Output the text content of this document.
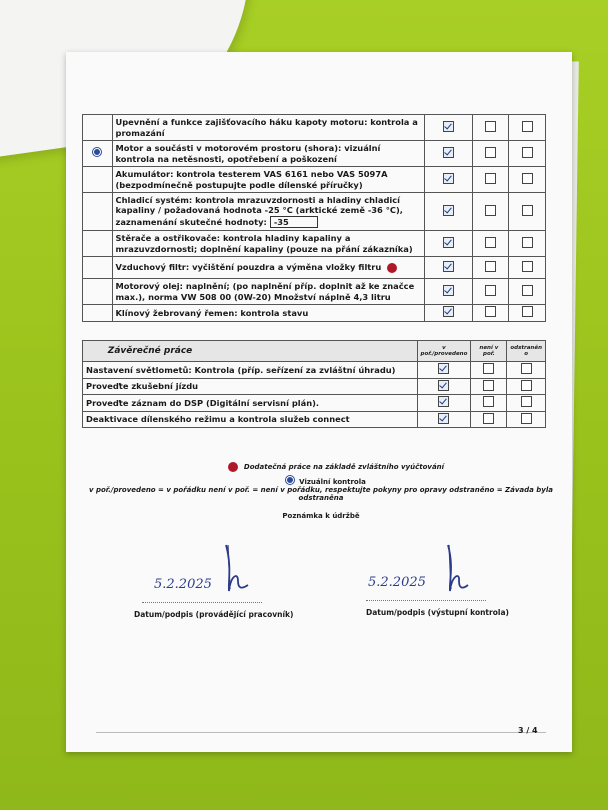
	Upevnění a funkce zajišťovacího háku kapoty motoru: kontrola a promazání			
	Motor a součásti v motorovém prostoru (shora): vizuální kontrola na netěsnosti, opotřebení a poškození			
	Akumulátor: kontrola testerem VAS 6161 nebo VAS 5097A (bezpodmínečně postupujte podle dílenské příručky)			
	Chladicí systém: kontrola mrazuvzdornosti a hladiny chladicí kapaliny / požadovaná hodnota -25 °C (arktické země -36 °C), zaznamenání skutečné hodnoty: -35			
	Stěrače a ostřikovače: kontrola hladiny kapaliny a mrazuvzdornosti; doplnění kapaliny (pouze na přání zákazníka)			
	Vzduchový filtr: vyčištění pouzdra a výměna vložky filtru			
	Motorový olej: naplnění; (po naplnění příp. doplnit až ke značce max.), norma VW 508 00 (0W-20) Množství náplně 4,3 litru			
	Klínový žebrovaný řemen: kontrola stavu			
	Závěrečné práce	v poř./provedeno	není v poř.	odstraněn o
Nastavení světlometů: Kontrola (příp. seřízení za zvláštní úhradu)				
Proveďte zkušební jízdu				
Proveďte záznam do DSP (Digitální servisní plán).				
Deaktivace dílenského režimu a kontrola služeb connect				
Dodatečná práce na základě zvláštního vyúčtování
Vizuální kontrola
v poř./provedeno = v pořádku není v poř. = není v pořádku, respektujte pokyny pro opravy odstraněno = Závada byla odstraněna
Poznámka k údržbě
5.2.2025
Datum/podpis (provádějící pracovník)
5.2.2025
Datum/podpis (výstupní kontrola)
3 / 4
